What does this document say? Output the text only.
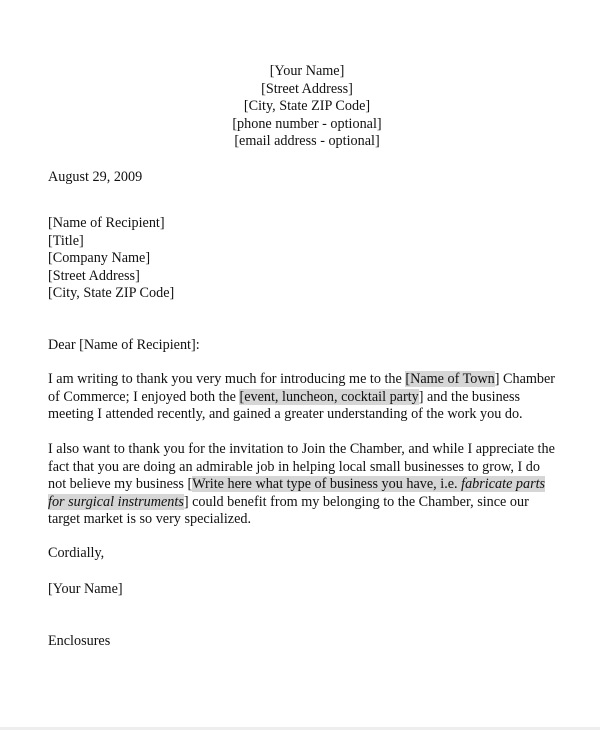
[Your Name]
[Street Address]
[City, State ZIP Code]
[phone number - optional]
[email address - optional]
August 29, 2009
[Name of Recipient]
[Title]
[Company Name]
[Street Address]
[City, State ZIP Code]
Dear [Name of Recipient]:
I am writing to thank you very much for introducing me to the [Name of Town] Chamber
of Commerce; I enjoyed both the [event, luncheon, cocktail party] and the business
meeting I attended recently, and gained a greater understanding of the work you do.
I also want to thank you for the invitation to Join the Chamber, and while I appreciate the
fact that you are doing an admirable job in helping local small businesses to grow, I do
not believe my business [Write here what type of business you have, i.e. fabricate parts
for surgical instruments] could benefit from my belonging to the Chamber, since our
target market is so very specialized.
Cordially,
[Your Name]
Enclosures
